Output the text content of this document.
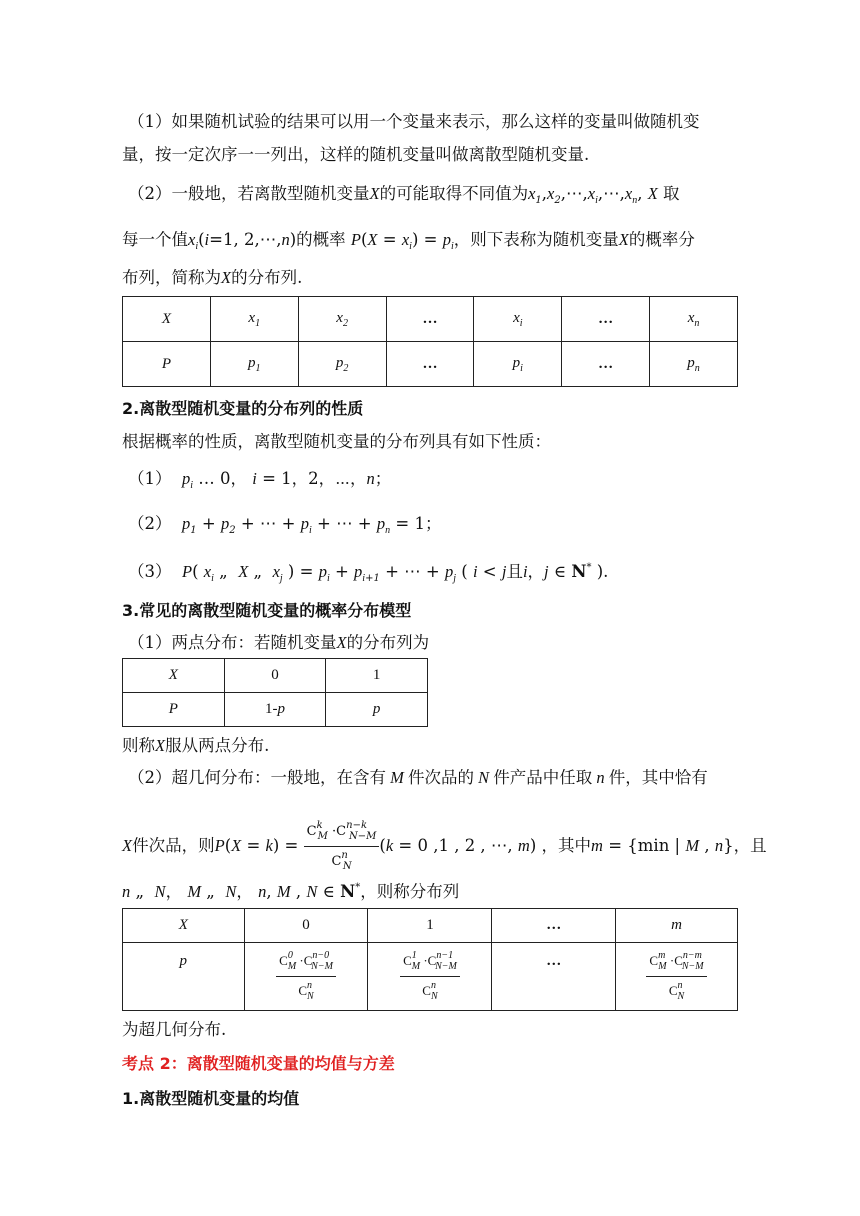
（1）如果随机试验的结果可以用一个变量来表示，那么这样的变量叫做随机变
量，按一定次序一一列出，这样的随机变量叫做离散型随机变量.
（2）一般地，若离散型随机变量X的可能取得不同值为$x_1,x_2,\cdots,x_i,\cdots,x_n$, X 取
每一个值$x_i(i=1$, 2,⋯,n)的概率 $P(X = x_i) = p_i$，则下表称为随机变量X的概率分
布列，简称为X的分布列.
X	$x_1$	$x_2$	…	$x_i$	…	$x_n$
P	$p_1$	$p_2$	…	$p_i$	…	$p_n$
2.离散型随机变量的分布列的性质
根据概率的性质，离散型随机变量的分布列具有如下性质：
（1） $p_i$ … 0， i = 1，2，⋯，n；
（2） $p_1 + p_2$ + ⋯ + $p_i$ + ⋯ + $p_n = 1$；
（3） P( $x_i$ „  X „  $x_j$ ) = $p_i + p_{i+1}$ + ⋯ + $p_j$ ( i < j且i，j ∈ N* ).
3.常见的离散型随机变量的概率分布模型
（1）两点分布：若随机变量X的分布列为
X	0	1
P	1-p	p
则称X服从两点分布.
（2）超几何分布：一般地，在含有 M 件次品的 N 件产品中任取 n 件，其中恰有
X件次品，则$P(X = k) = \frac{C^k_M \cdot C^{n-k}_{N-M}}{C^n_N} (k = 0$ ,1 , 2 , ⋯, m) ，其中m = {min | M , n}，且
n „  N， M „  N， n, M , N ∈ N*，则称分布列
X	0	1	…	m
p	$\frac{C^0_M \cdot C^{n-0}_{N-M}}{C^n_N}$	$\frac{C^1_M \cdot C^{n-1}_{N-M}}{C^n_N}$	…	$\frac{C^m_M \cdot C^{n-m}_{N-M}}{C^n_N}$
为超几何分布.
考点 2：离散型随机变量的均值与方差
1.离散型随机变量的均值
